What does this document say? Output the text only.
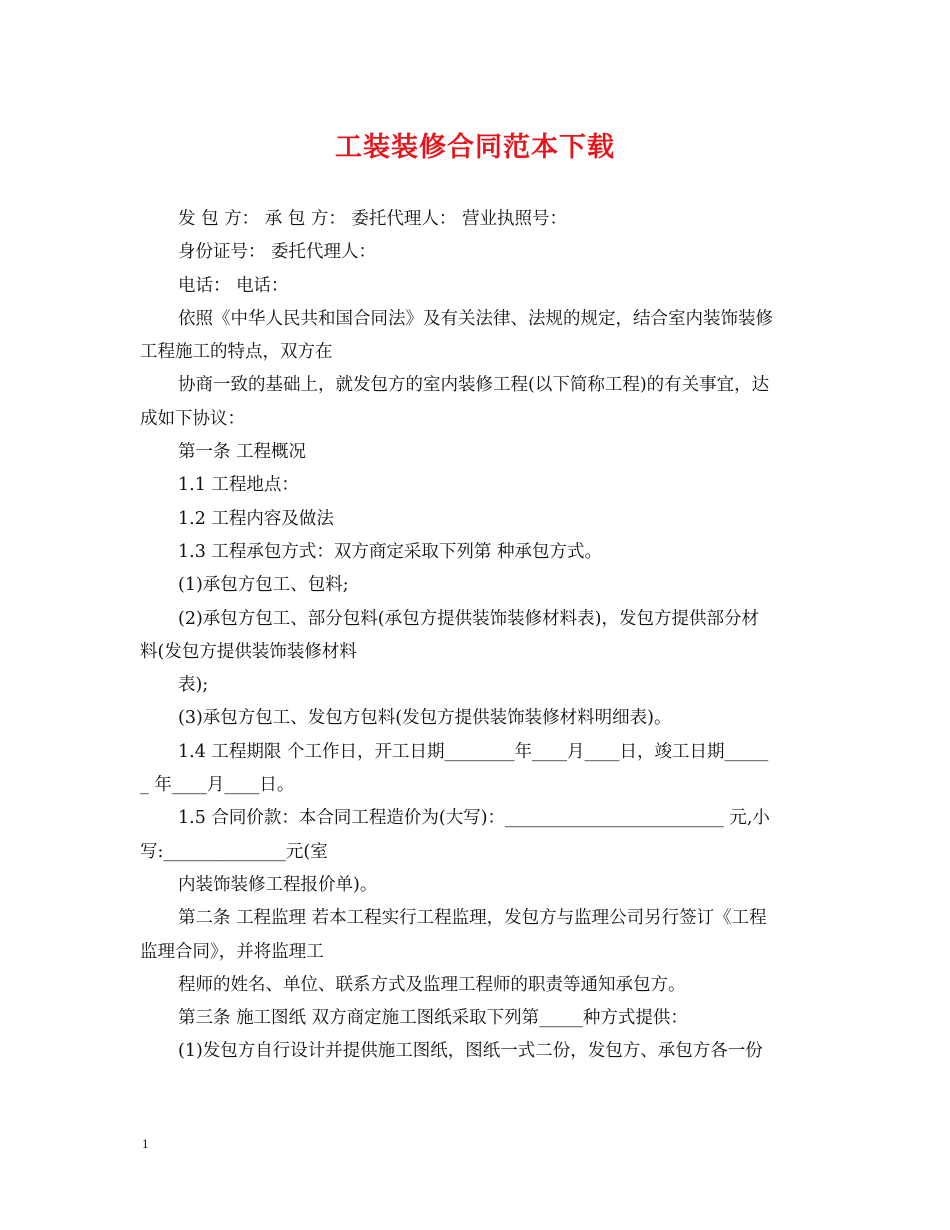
工装装修合同范本下载
发 包 方： 承 包 方： 委托代理人： 营业执照号：
身份证号： 委托代理人：
电话： 电话：
依照《中华人民共和国合同法》及有关法律、法规的规定，结合室内装饰装修
工程施工的特点，双方在
协商一致的基础上，就发包方的室内装修工程(以下简称工程)的有关事宜，达
成如下协议：
第一条 工程概况
1.1 工程地点：
1.2 工程内容及做法
1.3 工程承包方式：双方商定采取下列第 种承包方式。
(1)承包方包工、包料;
(2)承包方包工、部分包料(承包方提供装饰装修材料表)，发包方提供部分材
料(发包方提供装饰装修材料
表);
(3)承包方包工、发包方包料(发包方提供装饰装修材料明细表)。
1.4 工程期限 个工作日，开工日期________年____月____日，竣工日期_____
_ 年____月____日。
1.5 合同价款：本合同工程造价为(大写)：_________________________ 元,小
写:______________元(室
内装饰装修工程报价单)。
第二条 工程监理 若本工程实行工程监理，发包方与监理公司另行签订《工程
监理合同》，并将监理工
程师的姓名、单位、联系方式及监理工程师的职责等通知承包方。
第三条 施工图纸 双方商定施工图纸采取下列第_____种方式提供：
(1)发包方自行设计并提供施工图纸，图纸一式二份，发包方、承包方各一份
1
